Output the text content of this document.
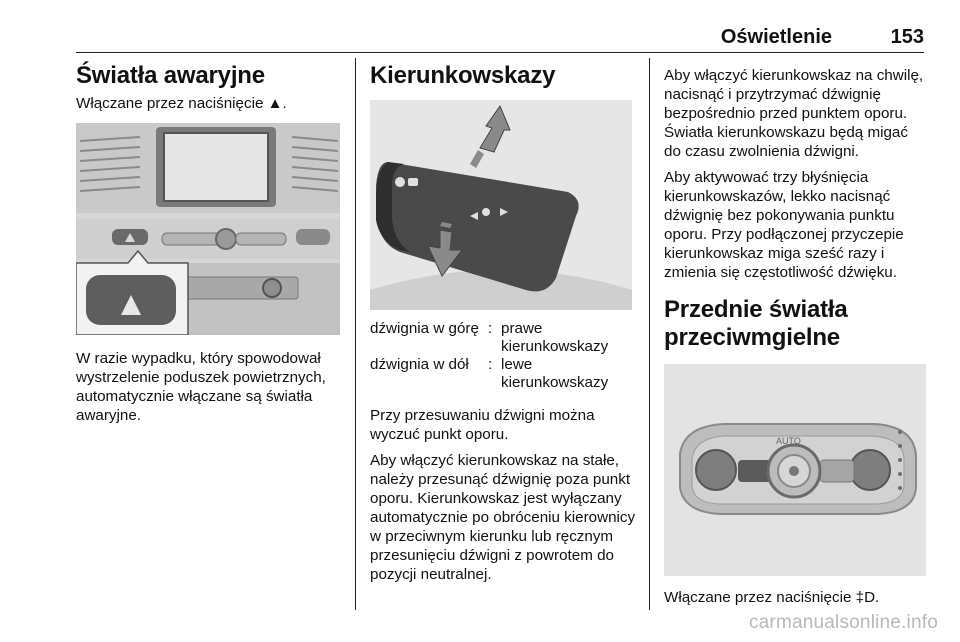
Oświetlenie	153
Światła awaryjne

Włączane przez naciśnięcie ▲.

W razie wypadku, który spowodował wystrzelenie poduszek powietrznych, automatycznie włączane są światła awaryjne.

Kierunkowskazy
dźwignia w górę : prawe kierunkowskazy
dźwignia w dół	: lewe kierunkowskazy

Przy przesuwaniu dźwigni można wyczuć punkt oporu.

Aby włączyć kierunkowskaz na stałe, należy przesunąć dźwignię poza punkt oporu. Kierunkowskaz jest wyłączany automatycznie po obróceniu kierownicy w przeciwnym kierunku lub ręcznym przesunięciu dźwigni z powrotem do pozycji neutralnej.

Aby włączyć kierunkowskaz na chwilę, nacisnąć i przytrzymać dźwignię bezpośrednio przed punktem oporu. Światła kierunkowskazu będą migać do czasu zwolnienia dźwigni.

Aby aktywować trzy błyśnięcia kierunkowskazów, lekko nacisnąć dźwignię bez pokonywania punktu oporu. Przy podłączonej przyczepie kierunkowskaz miga sześć razy i zmienia się częstotliwość dźwięku.

Przednie światła przeciwmgielne
AUTO

Włączane przez naciśnięcie ‡D.

carmanualsonline.info
